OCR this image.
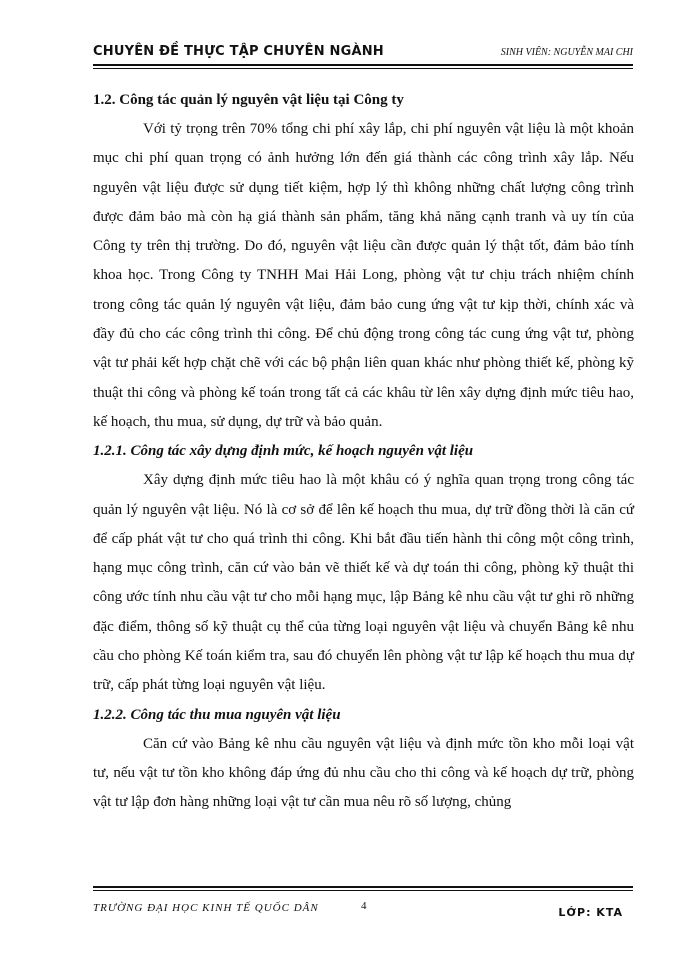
CHUYÊN ĐỀ THỰC TẬP CHUYÊN NGÀNH	SINH VIÊN: NGUYỄN MAI CHI

1.2. Công tác quản lý nguyên vật liệu tại Công ty

Với tỷ trọng trên 70% tổng chi phí xây lắp, chi phí nguyên vật liệu là một khoản mục chi phí quan trọng có ảnh hưởng lớn đến giá thành các công trình xây lắp. Nếu nguyên vật liệu được sử dụng tiết kiệm, hợp lý thì không những chất lượng công trình được đảm bảo mà còn hạ giá thành sản phẩm, tăng khả năng cạnh tranh và uy tín của Công ty trên thị trường. Do đó, nguyên vật liệu cần được quản lý thật tốt, đảm bảo tính khoa học. Trong Công ty TNHH Mai Hải Long, phòng vật tư chịu trách nhiệm chính trong công tác quản lý nguyên vật liệu, đảm bảo cung ứng vật tư kịp thời, chính xác và đầy đủ cho các công trình thi công. Để chủ động trong công tác cung ứng vật tư, phòng vật tư phải kết hợp chặt chẽ với các bộ phận liên quan khác như phòng thiết kế, phòng kỹ thuật thi công và phòng kế toán trong tất cả các khâu từ lên xây dựng định mức tiêu hao, kế hoạch, thu mua, sử dụng, dự trữ và bảo quản.

1.2.1. Công tác xây dựng định mức, kế hoạch nguyên vật liệu

Xây dựng định mức tiêu hao là một khâu có ý nghĩa quan trọng trong công tác quản lý nguyên vật liệu. Nó là cơ sở để lên kế hoạch thu mua, dự trữ đồng thời là căn cứ để cấp phát vật tư cho quá trình thi công. Khi bắt đầu tiến hành thi công một công trình, hạng mục công trình, căn cứ vào bản vẽ thiết kế và dự toán thi công, phòng kỹ thuật thi công ước tính nhu cầu vật tư cho mỗi hạng mục, lập Bảng kê nhu cầu vật tư ghi rõ những đặc điểm, thông số kỹ thuật cụ thể của từng loại nguyên vật liệu và chuyển Bảng kê nhu cầu cho phòng Kế toán kiểm tra, sau đó chuyển lên phòng vật tư lập kế hoạch thu mua dự trữ, cấp phát từng loại nguyên vật liệu.

1.2.2. Công tác thu mua nguyên vật liệu

Căn cứ vào Bảng kê nhu cầu nguyên vật liệu và định mức tồn kho mỗi loại vật tư, nếu vật tư tồn kho không đáp ứng đủ nhu cầu cho thi công và kế hoạch dự trữ, phòng vật tư lập đơn hàng những loại vật tư cần mua nêu rõ số lượng, chủng

TRƯỜNG ĐẠI HỌC KINH TẾ QUỐC DÂN	4	LỚP: KTA
